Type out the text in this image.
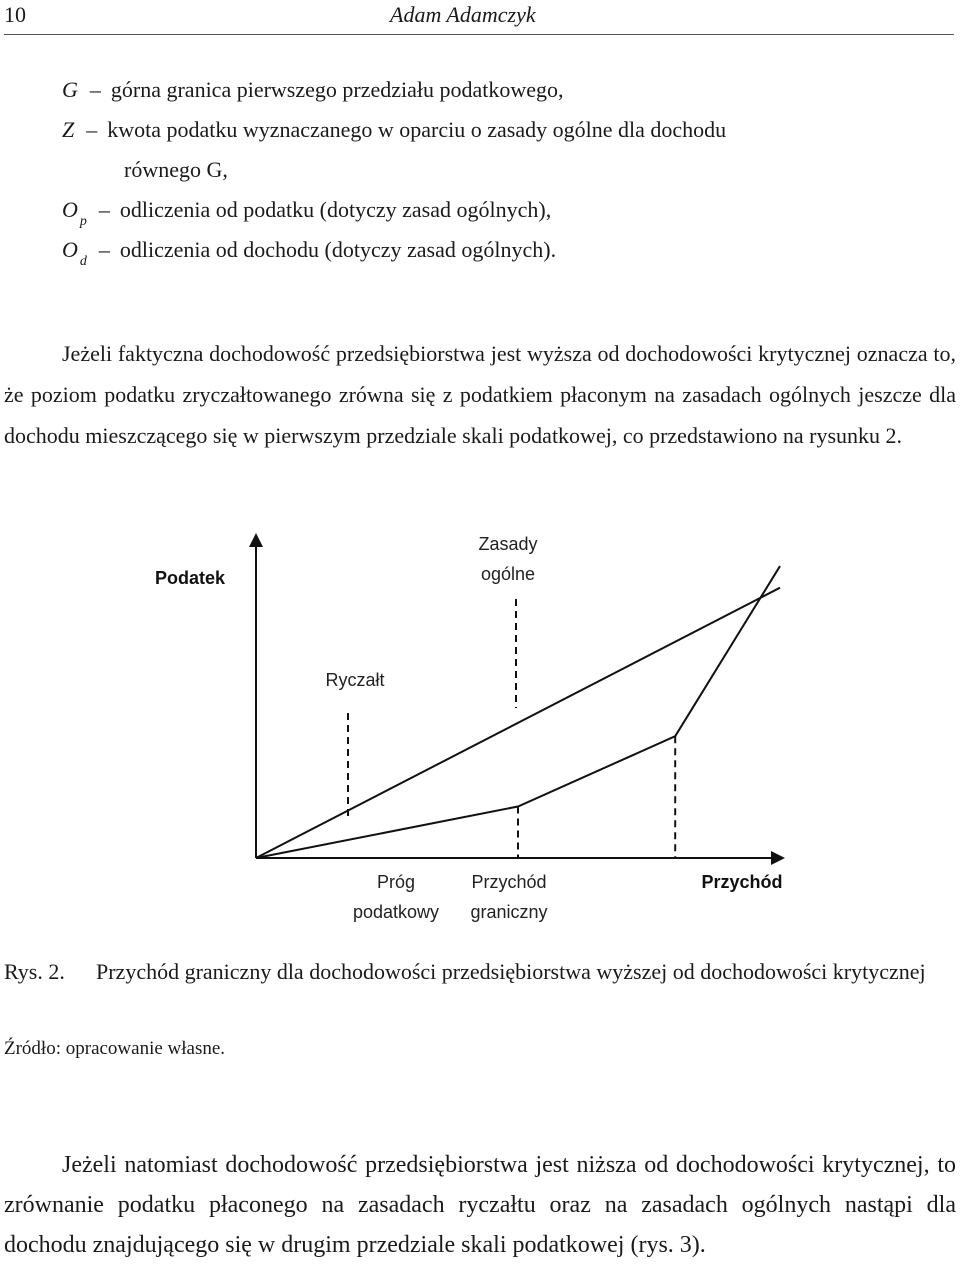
10	Adam Adamczyk
G – górna granica pierwszego przedziału podatkowego,
Z – kwota podatku wyznaczanego w oparciu o zasady ogólne dla dochodu
równego G,
O $_p$ – odliczenia od podatku (dotyczy zasad ogólnych),
O $_d$ – odliczenia od dochodu (dotyczy zasad ogólnych).

Jeżeli faktyczna dochodowość przedsiębiorstwa jest wyższa od dochodowości krytycznej oznacza to, że poziom podatku zryczałtowanego zrówna się z podatkiem płaconym na zasadach ogólnych jeszcze dla dochodu mieszczącego się w pierwszym przedziale skali podatkowej, co przedstawiono na rysunku 2.

Podatek
Zasady
ogólne
Ryczałt
Próg
podatkowy
Przychód
graniczny
Przychód
Rys. 2. Przychód graniczny dla dochodowości przedsiębiorstwa wyższej od dochodowości krytycznej
Źródło: opracowanie własne.

Jeżeli natomiast dochodowość przedsiębiorstwa jest niższa od dochodowości krytycznej, to zrównanie podatku płaconego na zasadach ryczałtu oraz na zasadach ogólnych nastąpi dla dochodu znajdującego się w drugim przedziale skali podatkowej (rys. 3).
